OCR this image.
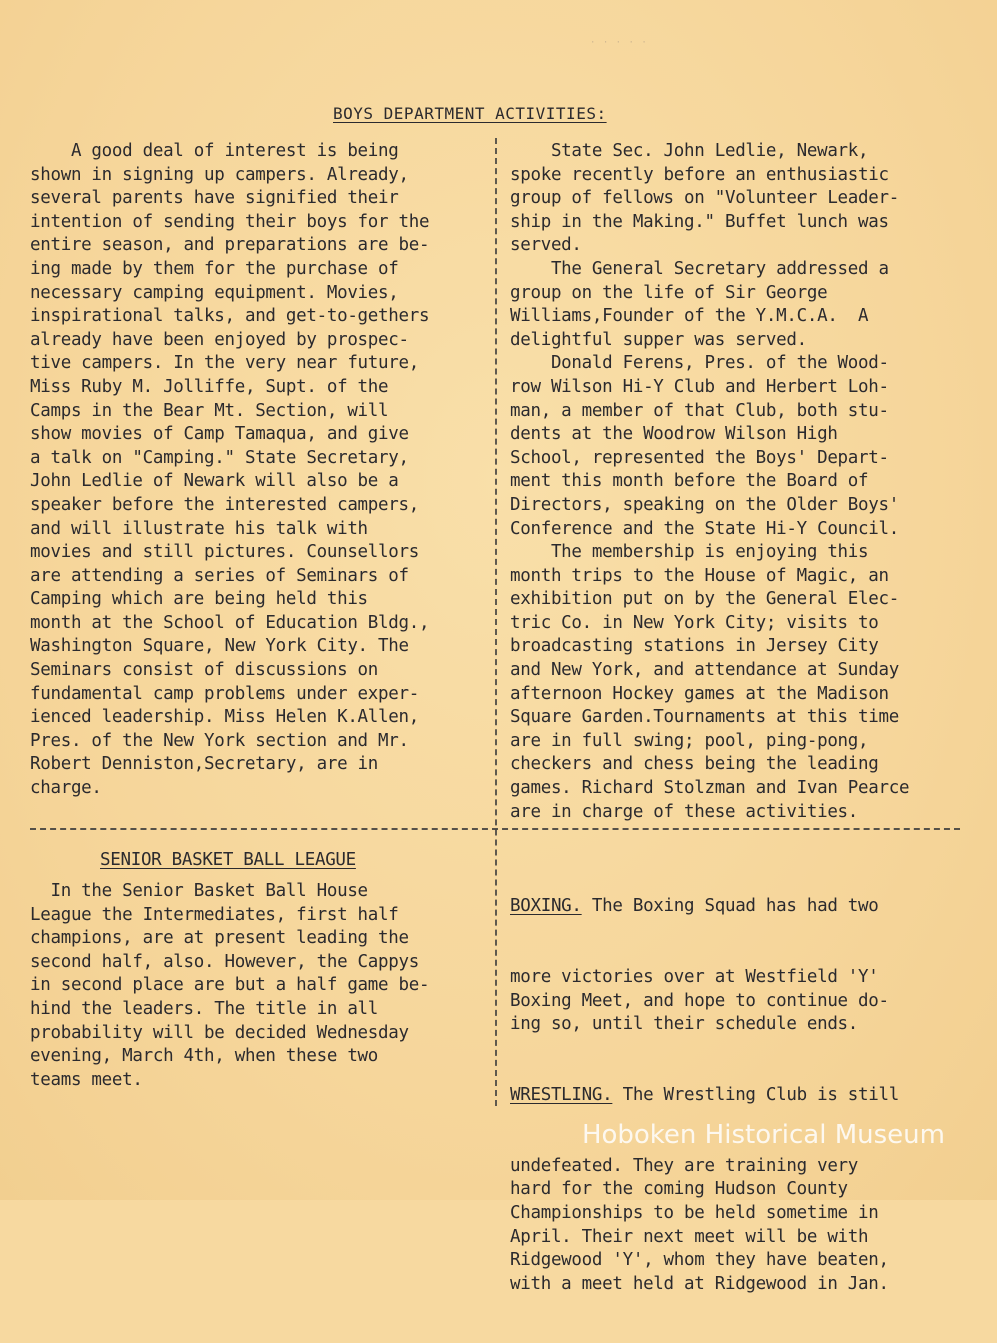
· · · · ·
BOYS DEPARTMENT ACTIVITIES:
A good deal of interest is being
shown in signing up campers. Already,
several parents have signified their
intention of sending their boys for the
entire season, and preparations are be-
ing made by them for the purchase of
necessary camping equipment. Movies,
inspirational talks, and get-to-gethers
already have been enjoyed by prospec-
tive campers. In the very near future,
Miss Ruby M. Jolliffe, Supt. of the
Camps in the Bear Mt. Section, will
show movies of Camp Tamaqua, and give
a talk on "Camping." State Secretary,
John Ledlie of Newark will also be a
speaker before the interested campers,
and will illustrate his talk with
movies and still pictures. Counsellors
are attending a series of Seminars of
Camping which are being held this
month at the School of Education Bldg.,
Washington Square, New York City. The
Seminars consist of discussions on
fundamental camp problems under exper-
ienced leadership. Miss Helen K.Allen,
Pres. of the New York section and Mr.
Robert Denniston,Secretary, are in
charge.
State Sec. John Ledlie, Newark,
spoke recently before an enthusiastic
group of fellows on "Volunteer Leader-
ship in the Making." Buffet lunch was
served.
The General Secretary addressed a
group on the life of Sir George
Williams,Founder of the Y.M.C.A.  A
delightful supper was served.
Donald Ferens, Pres. of the Wood-
row Wilson Hi-Y Club and Herbert Loh-
man, a member of that Club, both stu-
dents at the Woodrow Wilson High
School, represented the Boys' Depart-
ment this month before the Board of
Directors, speaking on the Older Boys'
Conference and the State Hi-Y Council.
The membership is enjoying this
month trips to the House of Magic, an
exhibition put on by the General Elec-
tric Co. in New York City; visits to
broadcasting stations in Jersey City
and New York, and attendance at Sunday
afternoon Hockey games at the Madison
Square Garden.Tournaments at this time
are in full swing; pool, ping-pong,
checkers and chess being the leading
games. Richard Stolzman and Ivan Pearce
are in charge of these activities.
SENIOR BASKET BALL LEAGUE
In the Senior Basket Ball House
League the Intermediates, first half
champions, are at present leading the
second half, also. However, the Cappys
in second place are but a half game be-
hind the leaders. The title in all
probability will be decided Wednesday
evening, March 4th, when these two
teams meet.

BOXING. The Boxing Squad has had two

more victories over at Westfield 'Y'
Boxing Meet, and hope to continue do-
ing so, until their schedule ends.

WRESTLING. The Wrestling Club is still

undefeated. They are training very
hard for the coming Hudson County
Championships to be held sometime in
April. Their next meet will be with
Ridgewood 'Y', whom they have beaten,
with a meet held at Ridgewood in Jan.

Hoboken Historical Museum
